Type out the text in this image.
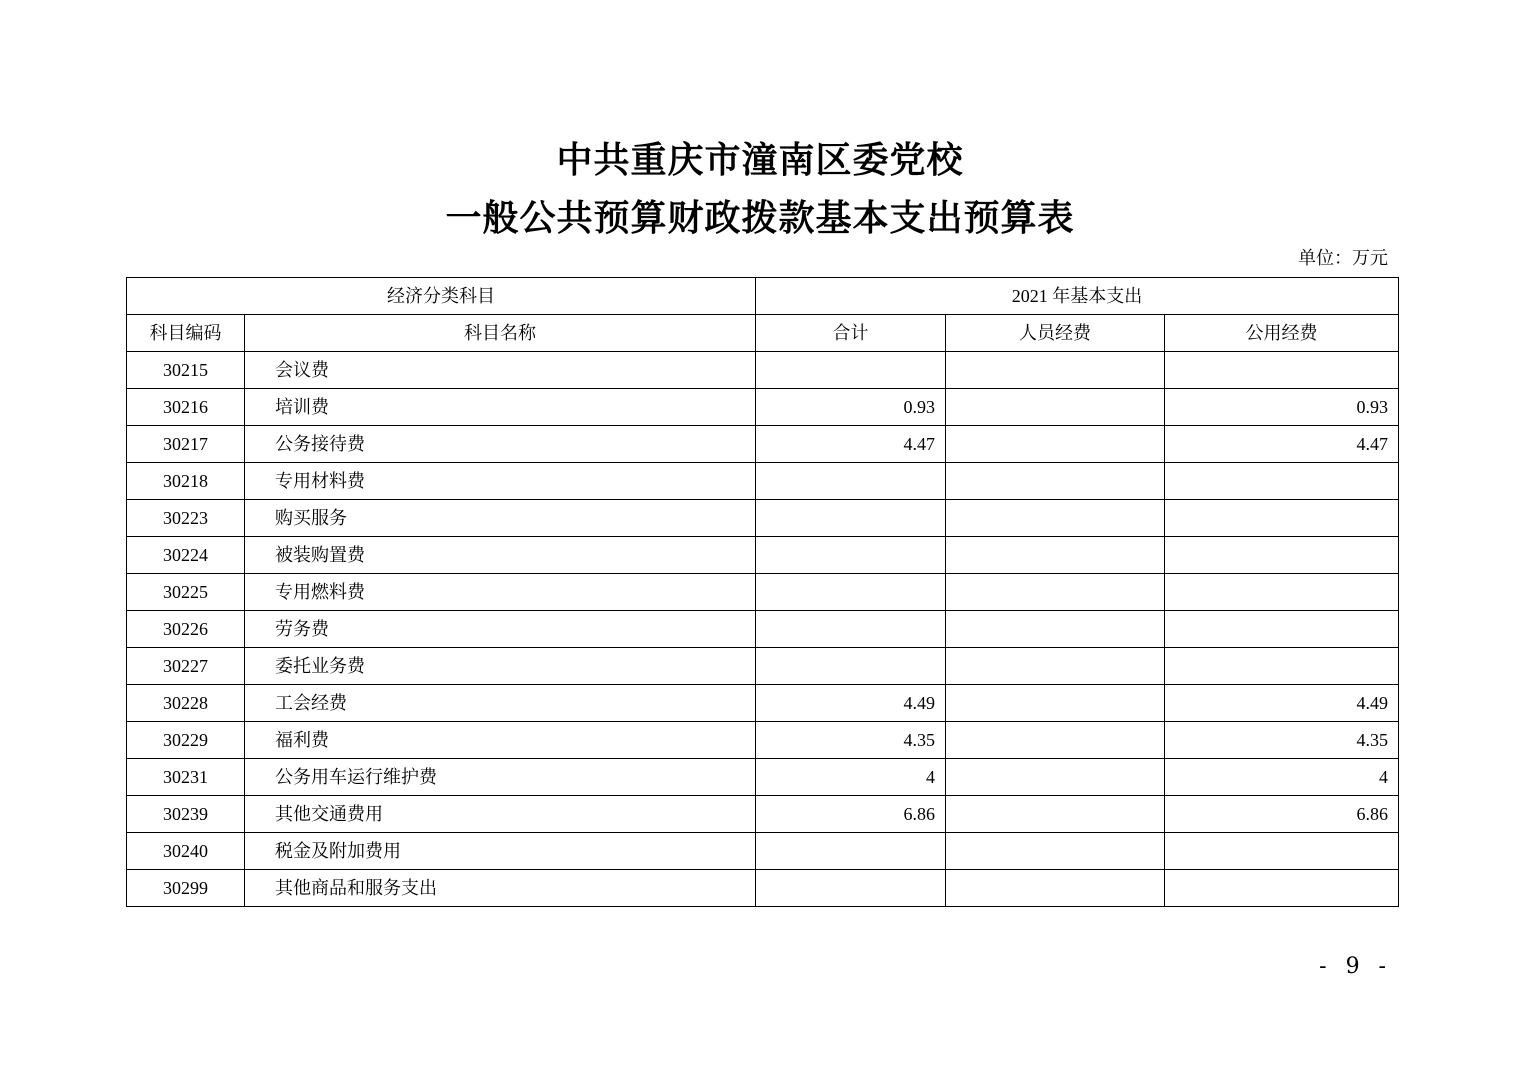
中共重庆市潼南区委党校
一般公共预算财政拨款基本支出预算表
单位：万元
经济分类科目		2021 年基本支出		
科目编码	科目名称	合计	人员经费	公用经费
30215	会议费			
30216	培训费	0.93		0.93
30217	公务接待费	4.47		4.47
30218	专用材料费			
30223	购买服务			
30224	被装购置费			
30225	专用燃料费			
30226	劳务费			
30227	委托业务费			
30228	工会经费	4.49		4.49
30229	福利费	4.35		4.35
30231	公务用车运行维护费	4		4
30239	其他交通费用	6.86		6.86
30240	税金及附加费用			
30299	其他商品和服务支出			
- 9 -
